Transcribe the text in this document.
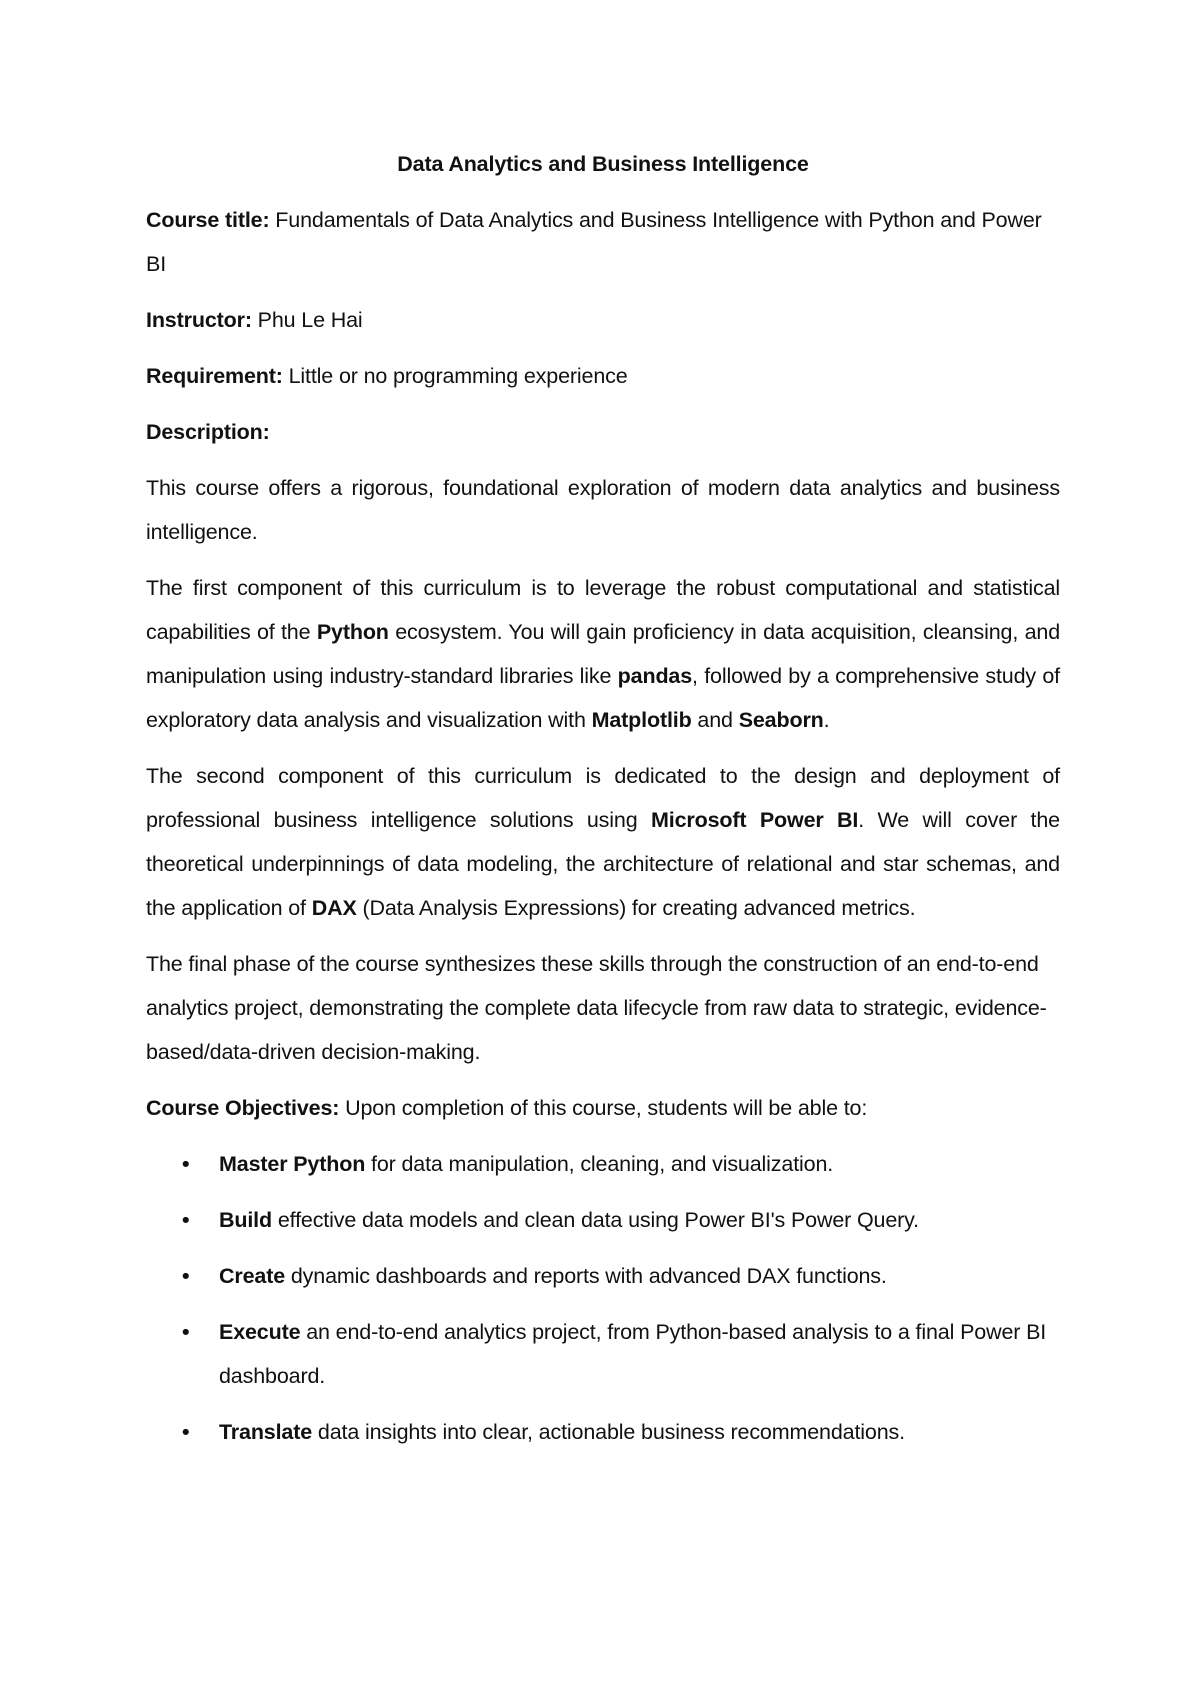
Data Analytics and Business Intelligence
Course title: Fundamentals of Data Analytics and Business Intelligence with Python and Power BI
Instructor: Phu Le Hai
Requirement: Little or no programming experience
Description:
This course offers a rigorous, foundational exploration of modern data analytics and business intelligence.
The first component of this curriculum is to leverage the robust computational and statistical capabilities of the Python ecosystem. You will gain proficiency in data acquisition, cleansing, and manipulation using industry-standard libraries like pandas, followed by a comprehensive study of exploratory data analysis and visualization with Matplotlib and Seaborn.
The second component of this curriculum is dedicated to the design and deployment of professional business intelligence solutions using Microsoft Power BI. We will cover the theoretical underpinnings of data modeling, the architecture of relational and star schemas, and the application of DAX (Data Analysis Expressions) for creating advanced metrics.
The final phase of the course synthesizes these skills through the construction of an end-to-end analytics project, demonstrating the complete data lifecycle from raw data to strategic, evidence-based/data-driven decision-making.
Course Objectives: Upon completion of this course, students will be able to:
• Master Python for data manipulation, cleaning, and visualization.
• Build effective data models and clean data using Power BI's Power Query.
• Create dynamic dashboards and reports with advanced DAX functions.
• Execute an end-to-end analytics project, from Python-based analysis to a final Power BI dashboard.
• Translate data insights into clear, actionable business recommendations.
